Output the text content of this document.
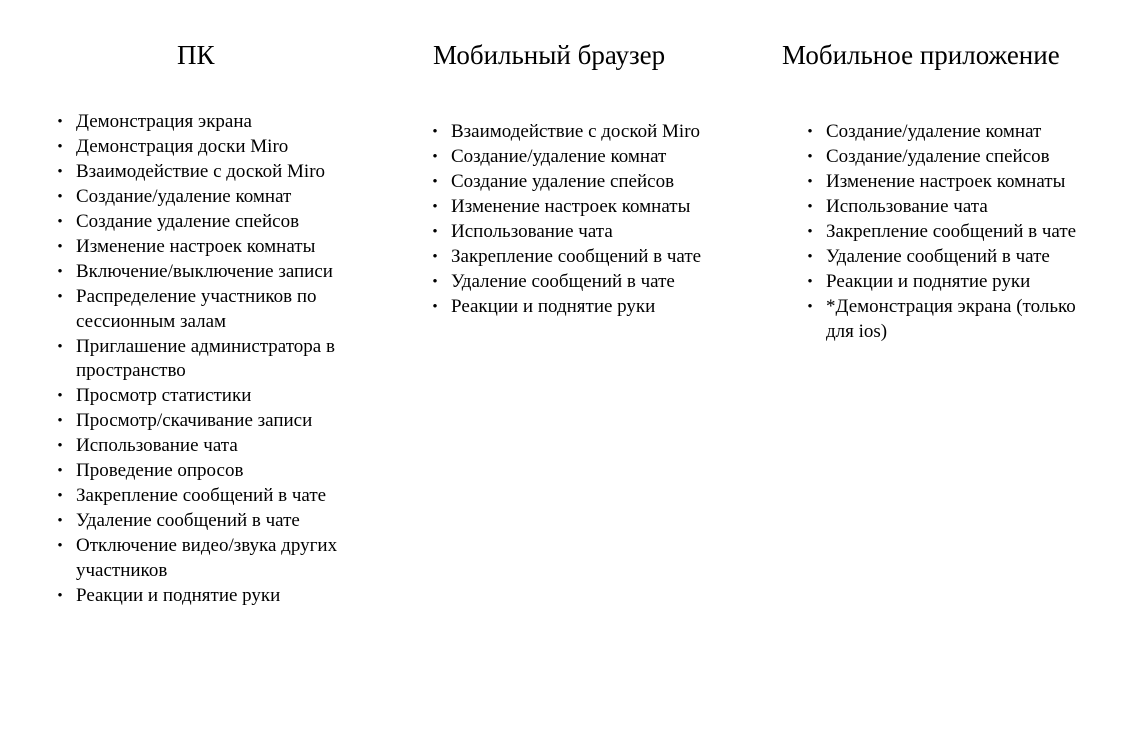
ПК
• Демонстрация экрана
• Демонстрация доски Miro
• Взаимодействие с доской Miro
• Создание/удаление комнат
• Создание удаление спейсов
• Изменение настроек комнаты
• Включение/выключение записи
• Распределение участников по сессионным залам
• Приглашение администратора в пространство
• Просмотр статистики
• Просмотр/скачивание записи
• Использование чата
• Проведение опросов
• Закрепление сообщений в чате
• Удаление сообщений в чате
• Отключение видео/звука других участников
• Реакции и поднятие руки
Мобильный браузер
• Взаимодействие с доской Miro
• Создание/удаление комнат
• Создание удаление спейсов
• Изменение настроек комнаты
• Использование чата
• Закрепление сообщений в чате
• Удаление сообщений в чате
• Реакции и поднятие руки
Мобильное приложение
• Создание/удаление комнат
• Создание/удаление спейсов
• Изменение настроек комнаты
• Использование чата
• Закрепление сообщений в чате
• Удаление сообщений в чате
• Реакции и поднятие руки
• *Демонстрация экрана (только для ios)
